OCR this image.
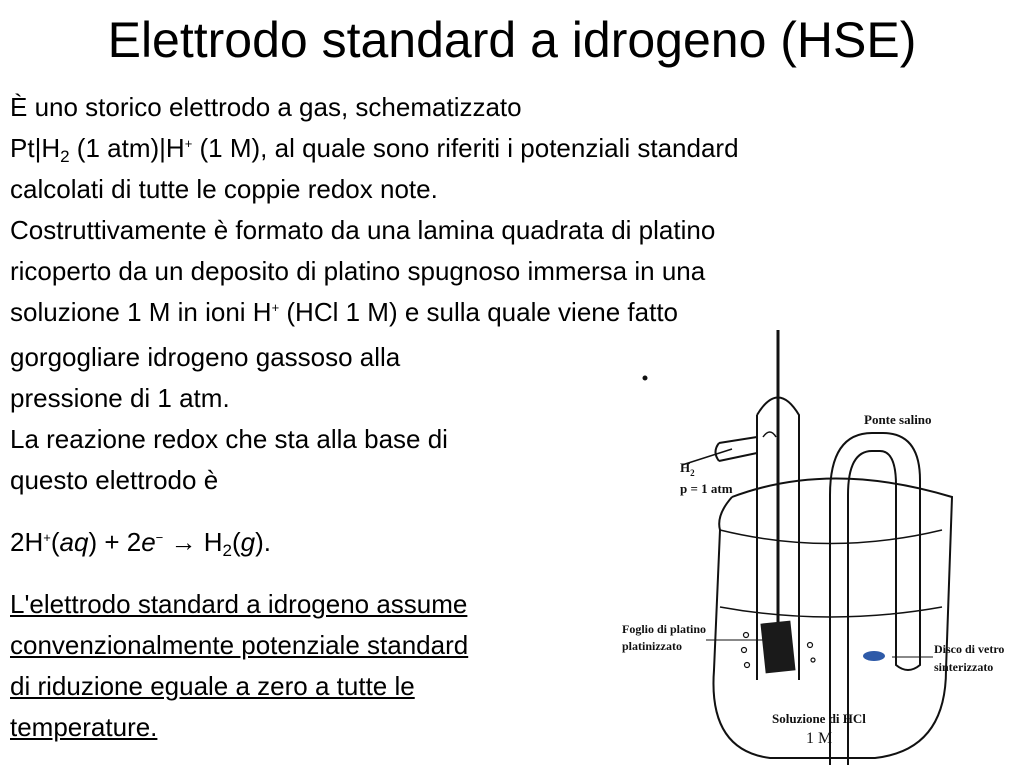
Elettrodo standard a idrogeno (HSE)
È uno storico elettrodo a gas, schematizzato
$Pt|H_2$ (1 atm)|H+ (1 M), al quale sono riferiti i potenziali standard
calcolati di tutte le coppie redox note.
Costruttivamente è formato da una lamina quadrata di platino
ricoperto da un deposito di platino spugnoso immersa in una
soluzione 1 M in ioni H+ (HCl 1 M) e sulla quale viene fatto
gorgogliare idrogeno gassoso alla
pressione di 1 atm.
La reazione redox che sta alla base di
questo elettrodo è
2H+(aq) + 2e− → H2(g).
L'elettrodo standard a idrogeno assume
convenzionalmente potenziale standard
di riduzione eguale a zero a tutte le
temperature.
$H_2$
p = 1 atm
Ponte salino
Foglio di platino
platinizzato	Disco di vetro
sinterizzato
Soluzione di HCl
1 M
